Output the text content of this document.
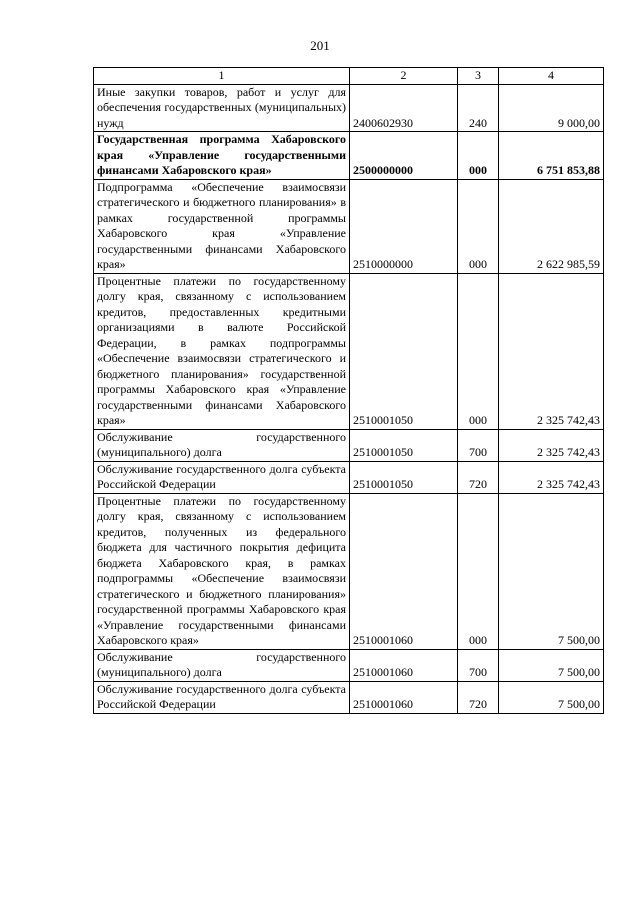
201
1	2	3	4
Иные закупки товаров, работ и услуг для обеспечения государственных (муниципальных) нужд	2400602930	240	9 000,00
Государственная программа Хабаровского края «Управление государственными финансами Хабаровского края»	2500000000	000	6 751 853,88
Подпрограмма «Обеспечение взаимосвязи стратегического и бюджетного планирования» в рамках государственной программы Хабаровского края «Управление государственными финансами Хабаровского края»	2510000000	000	2 622 985,59
Процентные платежи по государственному долгу края, связанному с использованием кредитов, предоставленных кредитными организациями в валюте Российской Федерации, в рамках подпрограммы «Обеспечение взаимосвязи стратегического и бюджетного планирования» государственной программы Хабаровского края «Управление государственными финансами Хабаровского края»	2510001050	000	2 325 742,43
Обслуживание государственного (муниципального) долга	2510001050	700	2 325 742,43
Обслуживание государственного долга субъекта Российской Федерации	2510001050	720	2 325 742,43
Процентные платежи по государственному долгу края, связанному с использованием кредитов, полученных из федерального бюджета для частичного покрытия дефицита бюджета Хабаровского края, в рамках подпрограммы «Обеспечение взаимосвязи стратегического и бюджетного планирования» государственной программы Хабаровского края «Управление государственными финансами Хабаровского края»	2510001060	000	7 500,00
Обслуживание государственного (муниципального) долга	2510001060	700	7 500,00
Обслуживание государственного долга субъекта Российской Федерации	2510001060	720	7 500,00
